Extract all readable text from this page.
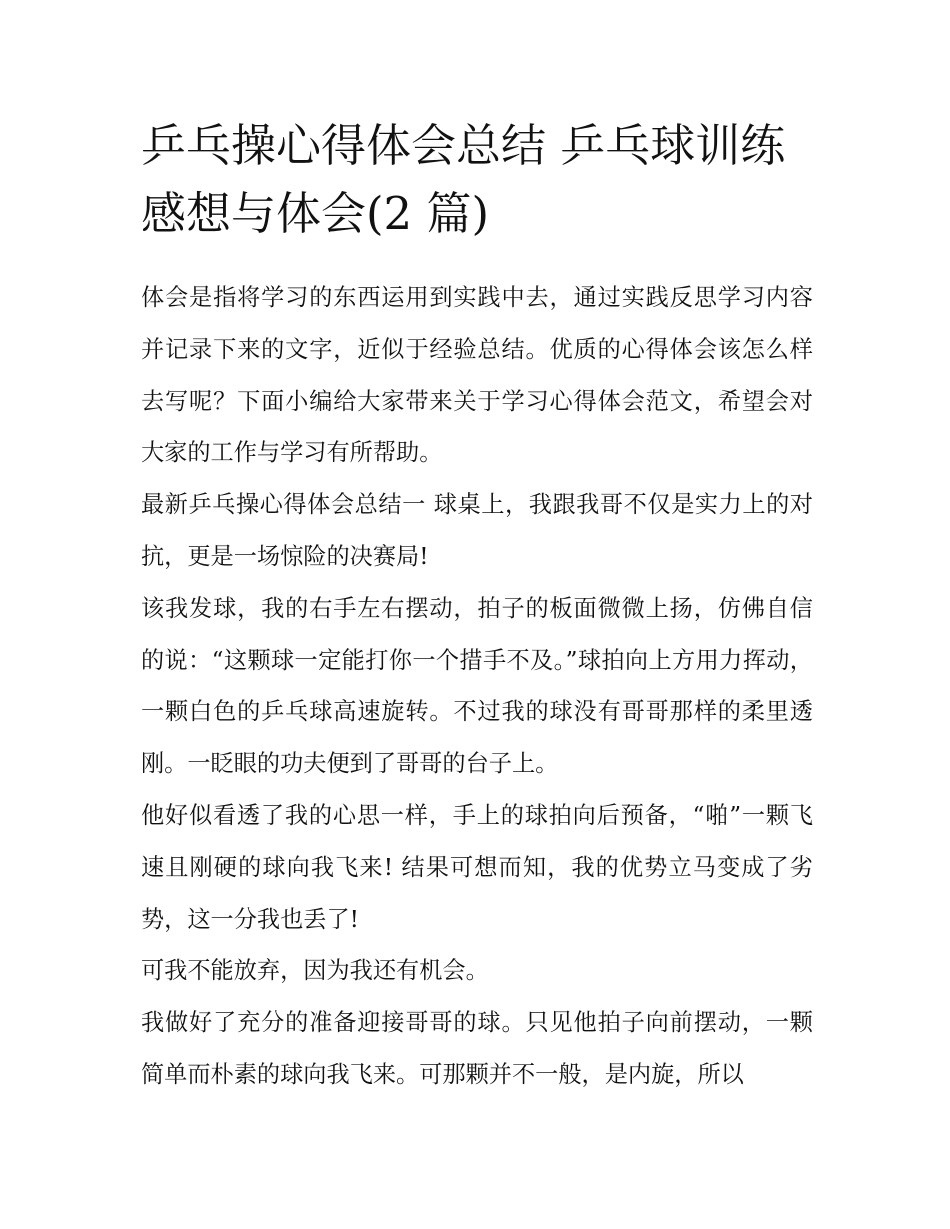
乒乓操心得体会总结 乒乓球训练感想与体会(2 篇)

体会是指将学习的东西运用到实践中去，通过实践反思学习内容并记录下来的文字，近似于经验总结。优质的心得体会该怎么样去写呢？下面小编给大家带来关于学习心得体会范文，希望会对大家的工作与学习有所帮助。

最新乒乓操心得体会总结一 球桌上，我跟我哥不仅是实力上的对抗，更是一场惊险的决赛局!

该我发球，我的右手左右摆动，拍子的板面微微上扬，仿佛自信的说：“这颗球一定能打你一个措手不及。”球拍向上方用力挥动，一颗白色的乒乓球高速旋转。不过我的球没有哥哥那样的柔里透刚。一眨眼的功夫便到了哥哥的台子上。

他好似看透了我的心思一样，手上的球拍向后预备，“啪”一颗飞速且刚硬的球向我飞来! 结果可想而知，我的优势立马变成了劣势，这一分我也丢了!

可我不能放弃，因为我还有机会。

我做好了充分的准备迎接哥哥的球。只见他拍子向前摆动，一颗简单而朴素的球向我飞来。可那颗并不一般，是内旋，所以
